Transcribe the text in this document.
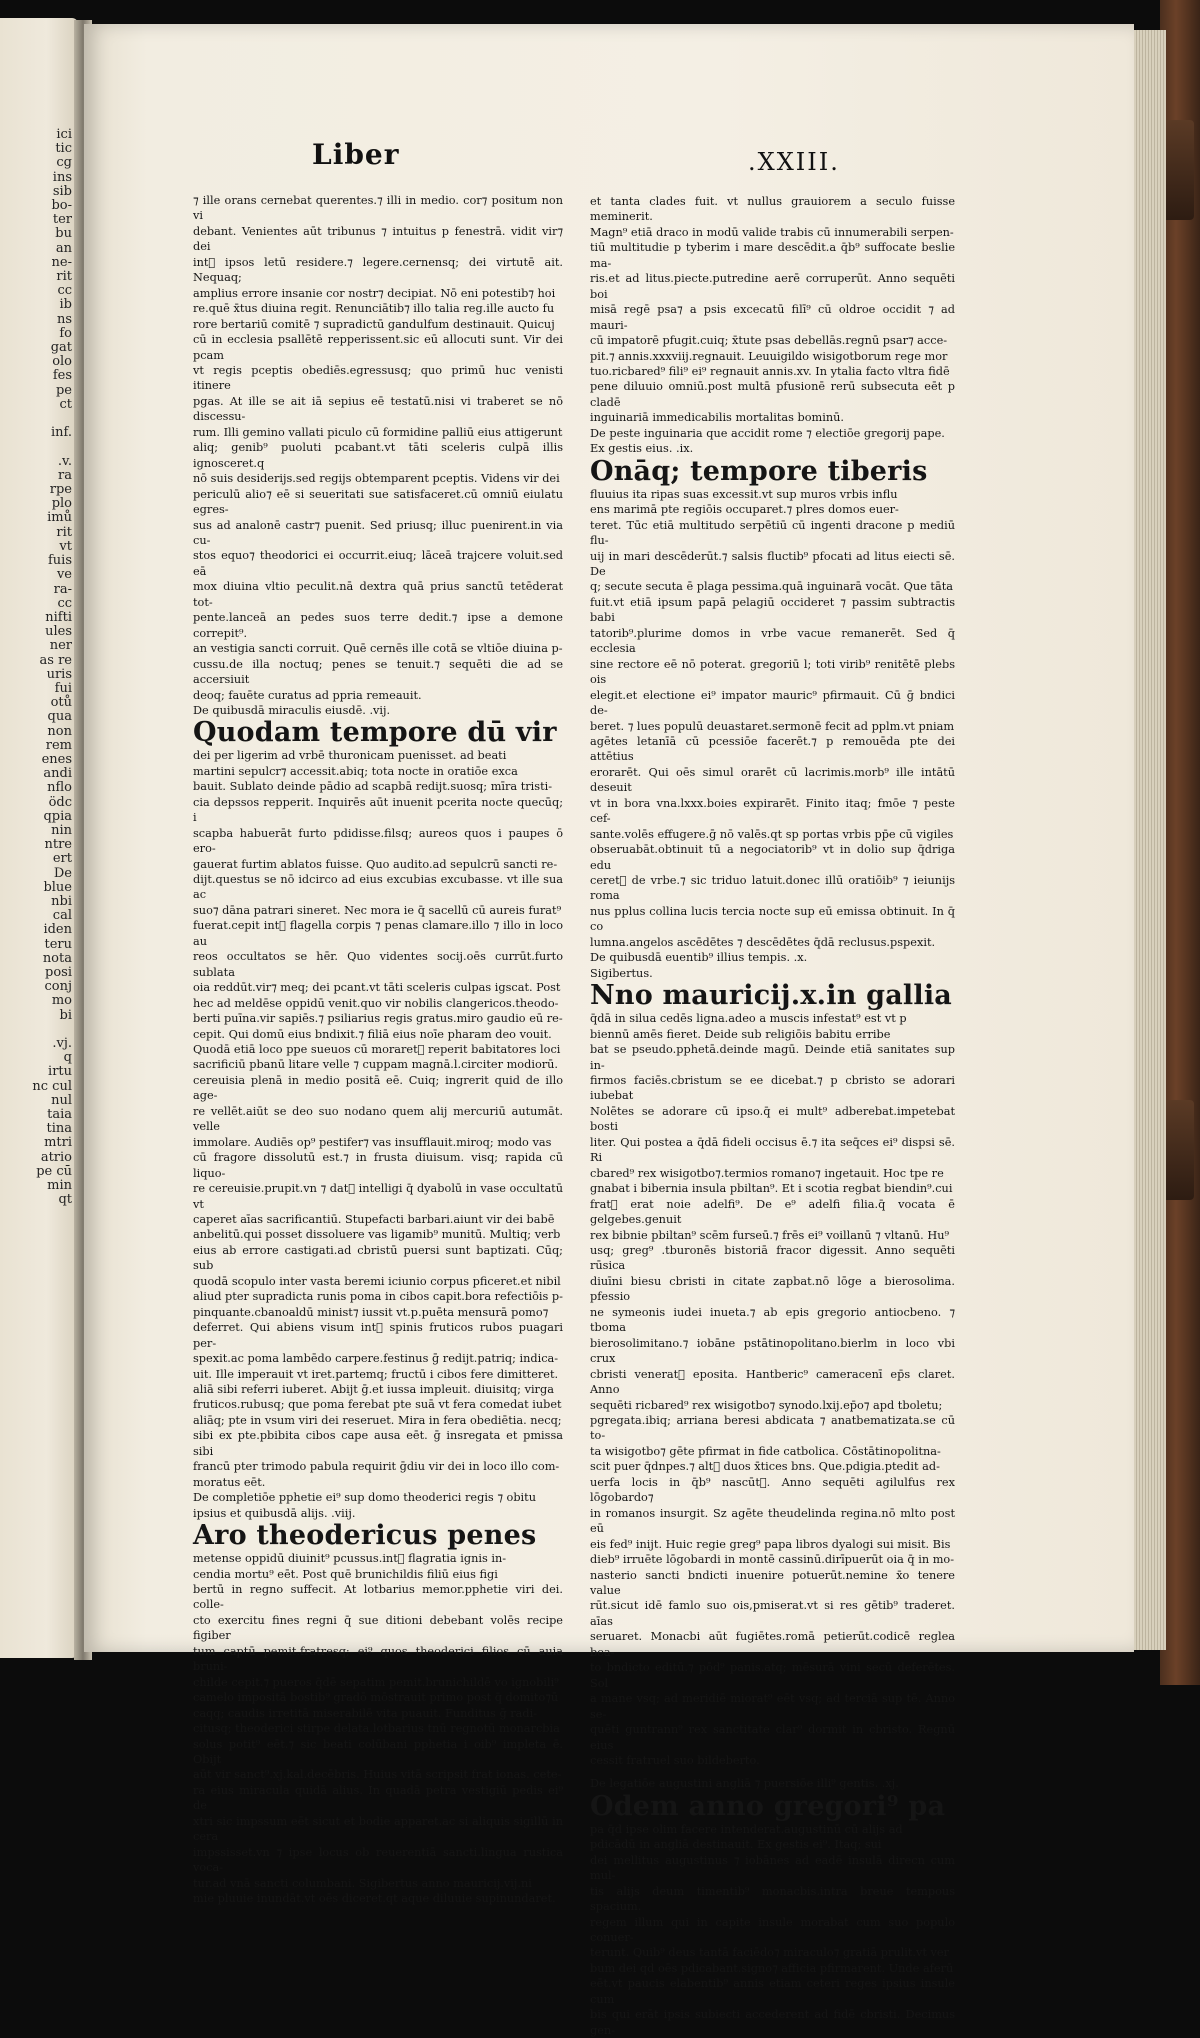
ici
tic
cg
ins
sib
bo-
ter
bu
an
ne-
rit
cc
ib
ns
fo
gat
olo
fes
pe
ct

inf.

.v.
ra
rpe
plo
imů
rit
vt
fuis
ve
ra-
cc
nifti
ules
ner
as re
uris
fui
otů
qua
non
rem
enes
andi
nflo
ödc
qpia
nin
ntre
ert
De
blue
nbi
cal
iden
teru
nota
posi
conj
mo
bi

.vj.
q
irtu
nc cul
nul
taia
tina
mtri
atrio
pe cū
min
qt
Liber	.XXIII.

⁊ ille orans cernebat querentes.⁊ illi in medio. cor⁊ positum non vi
debant. Venientes aūt tribunus ⁊ intuitus p fenestrā. vidit vir⁊ dei
int᷑ ipsos letū residere.⁊ legere.cernensq; dei virtutē ait. Nequaq;
amplius errore insanie cor nostr⁊ decipiat. Nō eni potestib⁊ hoi
re.quē x̄tus diuina regit. Renunciātib⁊ illo talia reg.ille aucto fu
rore bertariū comitē ⁊ supradictū gandulfum destinauit. Quicuj
cū in ecclesia psallētē repperissent.sic eū allocuti sunt. Vir dei pcam
vt regis pceptis obediēs.egressusq; quo primū huc venisti itinere
pgas. At ille se ait iā sepius eē testatū.nisi vi traberet se nō discessu-
rum. Illi gemino vallati piculo cū formidine palliū eius attigerunt
aliq; genib⁹ puoluti pcabant.vt tāti sceleris culpā illis ignosceret.q
nō suis desiderijs.sed regijs obtemparent pceptis. Videns vir dei
periculū alio⁊ eē si seueritati sue satisfaceret.cū omniū eiulatu egres-
sus ad analonē castr⁊ puenit. Sed priusq; illuc puenirent.in via cu-
stos equo⁊ theodorici ei occurrit.eiuq; lāceā trajcere voluit.sed eā
mox diuina vltio peculit.nā dextra quā prius sanctū tetēderat tot-
pente.lanceā an pedes suos terre dedit.⁊ ipse a demone correpit⁹.
an vestigia sancti corruit. Quē cernēs ille cotā se vltiōe diuina p-
cussu.de illa noctuq; penes se tenuit.⁊ sequēti die ad se accersiuit
deoq; fauēte curatus ad ppria remeauit.

De quibusdā miraculis eiusdē. .vij.

Quodam tempore dū vir

dei per ligerim ad vrbē thuronicam puenisset. ad beati
martini sepulcr⁊ accessit.abiq; tota nocte in oratiōe exca
bauit. Sublato deinde pādio ad scapbā redijt.suosq; mīra tristi-
cia depssos repperit. Inquirēs aūt inuenit pcerita nocte quecūq; i
scapba habuerāt furto pdidisse.filsq; aureos quos i paupes ō ero-
gauerat furtim ablatos fuisse. Quo audito.ad sepulcrū sancti re-
dijt.questus se nō idcirco ad eius excubias excubasse. vt ille sua ac
suo⁊ dāna patrari sineret. Nec mora ie q̄ sacellū cū aureis furat⁹
fuerat.cepit int᷑ flagella corpis ⁊ penas clamare.illo ⁊ illo in loco au
reos occultatos se hēr. Quo videntes socij.oēs currūt.furto sublata
oia reddūt.vir⁊ meq; dei pcant.vt tāti sceleris culpas igscat. Post
hec ad meldēse oppidū venit.quo vir nobilis clangericos.theodo-
berti puīna.vir sapiēs.⁊ psiliarius regis gratus.miro gaudio eū re-
cepit. Qui domū eius bndixit.⁊ filiā eius noīe pharam deo vouit.
Quodā etiā loco ppe sueuos cū moraret᷑ reperit babitatores loci
sacrificiū pbanū litare velle ⁊ cuppam magnā.l.circiter modiorū.
cereuisia plenā in medio positā eē. Cuiq; ingrerit quid de illo age-
re vellēt.aiūt se deo suo nodano quem alij mercuriū autumāt. velle
immolare. Audiēs op⁹ pestifer⁊ vas insufflauit.miroq; modo vas
cū fragore dissolutū est.⁊ in frusta diuisum. visq; rapida cū liquo-
re cereuisie.prupit.vn ⁊ dat᷑ intelligi q̄ dyabolū in vase occultatū vt
caperet aīas sacrificantiū. Stupefacti barbari.aiunt vir dei babē
anbelitū.qui posset dissoluere vas ligamib⁹ munitū. Multiq; verb
eius ab errore castigati.ad cbristū puersi sunt baptizati. Cūq; sub
quodā scopulo inter vasta beremi iciunio corpus pficeret.et nibil
aliud pter supradicta runis poma in cibos capit.bora refectiōis p-
pinquante.cbanoaldū minist⁊ iussit vt.p.puēta mensurā pomo⁊
deferret. Qui abiens visum int᷑ spinis fruticos rubos puagari per-
spexit.ac poma lambēdo carpere.festinus ḡ redijt.patriq; indica-
uit. Ille imperauit vt iret.partemq; fructū i cibos fere dimitteret.
aliā sibi referri iuberet. Abijt ḡ.et iussa impleuit. diuisitq; virga
fruticos.rubusq; que poma ferebat pte suā vt fera comedat iubet
aliāq; pte in vsum viri dei reseruet. Mira in fera obediētia. necq;
sibi ex pte.pbibita cibos cape ausa eēt. ḡ insregata et pmissa sibi
francū pter trimodo pabula requirit ḡdiu vir dei in loco illo com-
moratus eēt.

De completiōe pphetie ei⁹ sup domo theoderici regis ⁊ obitu
ipsius et quibusdā alijs. .viij.

Aro theodericus penes

metense oppidū diuinit⁹ pcussus.int᷑ flagratia ignis in-
cendia mortu⁹ eēt. Post quē brunichildis filiū eius figi
bertū in regno suffecit. At lotbarius memor.pphetie viri dei. colle-
cto exercitu fines regni q̄ sue ditioni debebant volēs recipe figiber
tum captū pemit.fratresq; ei⁹ quos theoderici filios cū auia bruni-
childe cepit.⁊ pueros q̄dē sepatim pemit.brunichildē vo ignobili⁹
camelo impositā bostib⁹ gradō mōstrauit primo post q̄ domito⁊ū
caqq; caudis irretitā miserabilē vita puauit. Funditus ḡ radi-
citusq; theoderici stirpe delata.lotbarius tnū regnotū monarcbia
solus potit⁹ eēt.⁊ sic beati colūbani pphetia i oib⁹ impleta ē. Obijt
aūt vir sanct⁹.xj.kal.decēbris. Huius vitā scripsit frat ionas. cete-
ra eius miracula quidā alius. In quadā petra vestigiū pedis ei⁹ de
xtri sic impssum eēt sicut et bodie apparet.ac si aliquis sigillū in cera
impssisset.vn ⁊ ipse locus ob reuerentiā sancti.lingua rustica voca-
tur.ad vnā sancti columbani. Sigibertus anno mauricij.vij.ni
mie pluuie inundāt.vt oēs diceret.qt aque diluuie supinundaret.

et tanta clades fuit. vt nullus grauiorem a seculo fuisse meminerit.
Magn⁹ etiā draco in modū valide trabis cū innumerabili serpen-
tiū multitudie p tyberim i mare descēdit.a q̄b⁹ suffocate beslie ma-
ris.et ad litus.piecte.putredine aerē corruperūt. Anno sequēti boi
misā regē psa⁊ a psis excecatū filī⁹ cū oldroe occidit ⁊ ad mauri-
cū impatorē pfugit.cuiq; x̄tute psas debellās.regnū psar⁊ acce-
pit.⁊ annis.xxxviij.regnauit. Leuuigildo wisigotborum rege mor
tuo.ricbared⁹ fili⁹ ei⁹ regnauit annis.xv. In ytalia facto vltra fidē
pene diluuio omniū.post multā pfusionē rerū subsecuta eēt p cladē
inguinariā immedicabilis mortalitas bominū.

De peste inguinaria que accidit rome ⁊ electiōe gregorij pape.
Ex gestis eius. .ix.

Onāq; tempore tiberis

fluuius ita ripas suas excessit.vt sup muros vrbis influ
ens marimā pte regiōis occuparet.⁊ plres domos euer-
teret. Tūc etiā multitudo serpētiū cū ingenti dracone p mediū flu-
uij in mari descēderūt.⁊ salsis fluctib⁹ pfocati ad litus eiecti sē. De
q; secute secuta ē plaga pessima.quā inguinarā vocāt. Que tāta
fuit.vt etiā ipsum papā pelagiū occideret ⁊ passim subtractis babi
tatorib⁹.plurime domos in vrbe vacue remanerēt. Sed q̄ ecclesia
sine rectore eē nō poterat. gregoriū l; toti virib⁹ renitētē plebs ois
elegit.et electione ei⁹ impator mauric⁹ pfirmauit. Cū ḡ bndici de-
beret. ⁊ lues populū deuastaret.sermonē fecit ad pplm.vt pniam
agētes letanīā cū pcessiōe facerēt.⁊ p remouēda pte dei attētius
erorarēt. Qui oēs simul orarēt cū lacrimis.morb⁹ ille intātū deseuit
vt in bora vna.lxxx.boies expirarēt. Finito itaq; fmōe ⁊ peste cef-
sante.volēs effugere.ḡ nō valēs.qt sp portas vrbis pp̄e cū vigiles
obseruabāt.obtinuit tū a negociatorib⁹ vt in dolio sup q̄driga edu
ceret᷑ de vrbe.⁊ sic triduo latuit.donec illū oratiōib⁹ ⁊ ieiunijs roma
nus pplus collina lucis tercia nocte sup eū emissa obtinuit. In q̄ co
lumna.angelos ascēdētes ⁊ descēdētes q̄dā reclusus.pspexit.

De quibusdā euentib⁹ illius tempis. .x.
Sigibertus.

Nno mauricij.x.in gallia

q̄dā in silua cedēs ligna.adeo a muscis infestat⁹ est vt p
biennū amēs fieret. Deide sub religiōis babitu erribe
bat se pseudo.pphetā.deinde magū. Deinde etiā sanitates sup in-
firmos faciēs.cbristum se ee dicebat.⁊ p cbristo se adorari iubebat
Nolētes se adorare cū ipso.q̄ ei mult⁹ adberebat.impetebat bosti
liter. Qui postea a q̄dā fideli occisus ē.⁊ ita seq̄ces ei⁹ dispsi sē. Ri
cbared⁹ rex wisigotbo⁊.termios romano⁊ ingetauit. Hoc tpe re
gnabat i bibernia insula pbiltan⁹. Et i scotia regbat biendin⁹.cui
frat᷑ erat noie adelfi⁹. De e⁹ adelfi filia.q̄ vocata ē gelgebes.genuit
rex bibnie pbiltan⁹ scēm furseū.⁊ frēs ei⁹ voillanū ⁊ vltanū. Hu⁹
usq; greg⁹ .tburonēs bistoriā fracor digessit. Anno sequēti rūsica
diuīni biesu cbristi in citate zapbat.nō lōge a bierosolima. pfessio
ne symeonis iudei inueta.⁊ ab epis gregorio antiocbeno. ⁊ tboma
bierosolimitano.⁊ iobāne pstātinopolitano.bierlm in loco vbi crux
cbristi venerat᷑ eposita. Hantberic⁹ cameracenī ep̄s claret. Anno
sequēti ricbared⁹ rex wisigotbo⁊ synodo.lxij.ep̄o⁊ apd tboletu;
pgregata.ibiq; arriana beresi abdicata ⁊ anatbematizata.se cū to-
ta wisigotbo⁊ gēte pfirmat in fide catbolica. Cōstātinopolitna-
scit puer q̄dnpes.⁊ alt᷑ duos x̄tices bns. Que.pdigia.ptedit ad-
uerfa locis in q̄b⁹ nascūt᷑. Anno sequēti agilulfus rex lōgobardo⁊
in romanos insurgit. Sz agēte theudelinda regina.nō mlto post eū
eis fed⁹ inijt. Huic regie greg⁹ papa libros dyalogi sui misit. Bis
dieb⁹ irruēte lōgobardi in montē cassinū.dirīpuerūt oia q̄ in mo-
nasterio sancti bndicti inuenire potuerūt.nemine x̄o tenere value
rūt.sicut idē famlo suo ois,pmiserat.vt si res gētib⁹ traderet. aīas
seruaret. Monacbi aūt fugiētes.romā petierūt.codicē reglea bea-
to bndicto editū.⁊ pōd⁹ panis.atq; mēsurā vini secū deferētes. Sol
a mane vsq; ad meridiē miorat⁹ eēt vsq; ad terciā sup tē. Anno se-
quēti guntrann⁹ rex sanctitate clar⁹ dormit in cbristo. Regnū eius
cessit fratruel suo bildeberto.

De legatiōe augustini angliā ⁊ puersiōe illi⁹ gentis. .xj.

Odem anno gregori⁹ pa

pa q̄d ipse olim facere intenderat.augustinū cū alijs ad
pdicādū in angliā destinauit. Ex gestis ei⁹. Itaq; sui
dei mellitus augustinus ⁊ iobānes ad eadē insulā direcn cum mul-
tis alijs deum timentib⁹ monacbis.intra breue tempous spacium.
regem illum qui in capite insule morabat cum suo populo conuer-
terunt. Quib⁹ deus tantā faciēdo⁊ miraculo⁊ gratiā prulit.vt ver
bum dei qd oēs pdicabant.signo⁊ afficia pfirmarent. Unde aferū
eēt.vt paucis elabentib⁹ annis etiam ceteri reges ipsius insule cum
bis qui erāt ipsis subiecti accederent ad fidē cbristi. Decimus gen-
